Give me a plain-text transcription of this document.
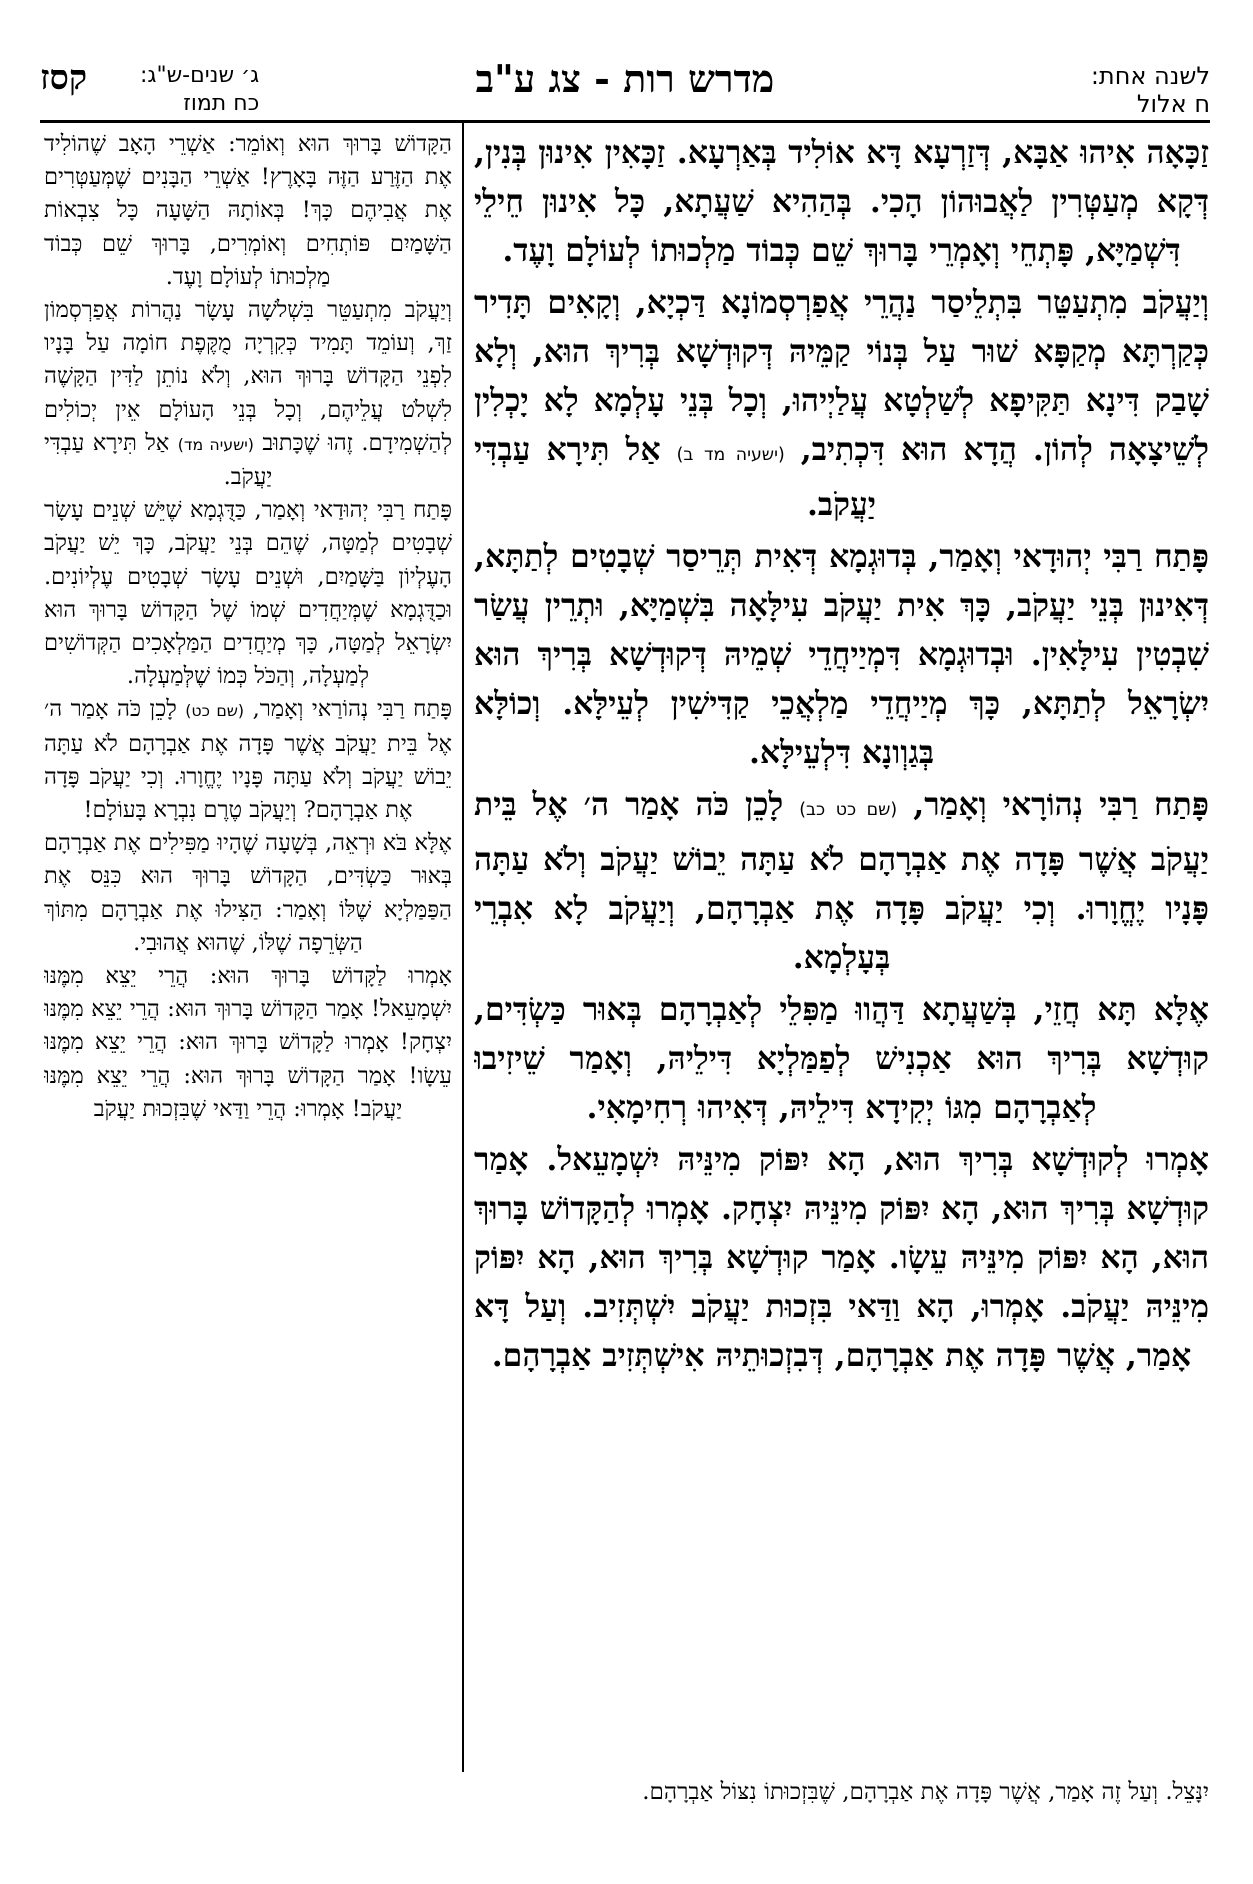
לשנה אחת:
ח אלול
מדרש רות - צג ע"ב
ג׳ שנים-ש"ג:
כח תמוז
קסז

זַכָּאָה אִיהוּ אַבָּא, דְּזַרְעָא דָּא אוֹלִיד בְּאַרְעָא. זַכָּאִין אִינוּן בְּנִין, דְּקָא מְעַטְּרִין לַאֲבוּהוֹן הָכִי. בְּהַהִיא שַׁעֲתָא, כָּל אִינוּן חֵילֵי דִּשְׁמַיָּא, פָּתְחֵי וְאָמְרֵי בָּרוּךְ שֵׁם כְּבוֹד מַלְכוּתוֹ לְעוֹלָם וָעֶד.

וְיַעֲקֹב מִתְעַטֵּר בִּתְלֵיסַר נַהֲרֵי אֲפַרְסְמוֹנָא דַּכְיָא, וְקָאִים תָּדִיר כְּקַרְתָּא מְקַפָּא שׁוּר עַל בְּנוֹי קַמֵּיהּ דְּקוּדְשָׁא בְּרִיךְ הוּא, וְלָא שָׁבַק דִּינָא תַּקִּיפָא לְשַׁלְטָא עֲלַיְיהוּ, וְכָל בְּנֵי עָלְמָא לָא יָכְלִין לְשֵׁיצָאָה לְהוֹן. הֲדָא הוּא דִּכְתִיב, (ישעיה מד ב) אַל תִּירָא עַבְדִּי יַעֲקֹב.

פָּתַח רַבִּי יְהוּדָאי וְאָמַר, בְּדוּגְמָא דְּאִית תְּרֵיסַר שְׁבָטִים לְתַתָּא, דְּאִינוּן בְּנֵי יַעֲקֹב, כָּךְ אִית יַעֲקֹב עִילָּאָה בִּשְׁמַיָּא, וּתְרֵין עֲשַׂר שִׁבְטִין עִילָּאִין. וּבְדוּגְמָא דִּמְיַיחֲדֵי שְׁמֵיהּ דְּקוּדְשָׁא בְּרִיךְ הוּא יִשְׂרָאֵל לְתַתָּא, כָּךְ מְיַיחֲדֵי מַלְאֲכֵי קַדִּישִׁין לְעֵילָּא. וְכוֹלָּא בְּגַוְונָא דִּלְעֵילָּא.

פָּתַח רַבִּי נְהוֹרָאי וְאָמַר, (שם כט כב) לָכֵן כֹּה אָמַר ה׳ אֶל בֵּית יַעֲקֹב אֲשֶׁר פָּדָה אֶת אַבְרָהָם לֹא עַתָּה יֵבוֹשׁ יַעֲקֹב וְלֹא עַתָּה פָּנָיו יֶחֱוָרוּ. וְכִי יַעֲקֹב פָּדָה אֶת אַבְרָהָם, וְיַעֲקֹב לָא אִבְרֵי בְּעָלְמָא.

אֶלָּא תָּא חֲזֵי, בְּשַׁעֲתָא דַּהֲווּ מַפִּלֵי לְאַבְרָהָם בְּאוּר כַּשְׂדִּים, קוּדְשָׁא בְּרִיךְ הוּא אַכְנִישׁ לְפַמַּלְיָא דִּילֵיהּ, וְאָמַר שֵׁיזִיבוּ לְאַבְרָהָם מִגּוֹ יְקִידָא דִּילֵיהּ, דְּאִיהוּ רְחִימָאִי.

אָמְרוּ לְקוּדְשָׁא בְּרִיךְ הוּא, הָא יִפּוֹק מִינֵּיהּ יִשְׁמָעֵאל. אָמַר קוּדְשָׁא בְּרִיךְ הוּא, הָא יִפּוֹק מִינֵּיהּ יִצְחָק. אָמְרוּ לְהַקָּדוֹשׁ בָּרוּךְ הוּא, הָא יִפּוֹק מִינֵּיהּ עֵשָׂו. אָמַר קוּדְשָׁא בְּרִיךְ הוּא, הָא יִפּוֹק מִינֵּיהּ יַעֲקֹב. אָמְרוּ, הָא וַדַּאי בִּזְכוּת יַעֲקֹב יִשְׁתְּזִיב. וְעַל דָּא אָמַר, אֲשֶׁר פָּדָה אֶת אַבְרָהָם, דְּבִזְכוּתֵיהּ אִישְׁתְּזִיב אַבְרָהָם.

הַקָּדוֹשׁ בָּרוּךְ הוּא וְאוֹמֵר: אַשְׁרֵי הָאָב שֶׁהוֹלִיד אֶת הַזֶּרַע הַזֶּה בָּאָרֶץ! אַשְׁרֵי הַבָּנִים שֶׁמְּעַטְּרִים אֶת אֲבִיהֶם כָּךְ! בְּאוֹתָהּ הַשָּׁעָה כָּל צִבְאוֹת הַשָּׁמַיִם פּוֹתְחִים וְאוֹמְרִים, בָּרוּךְ שֵׁם כְּבוֹד מַלְכוּתוֹ לְעוֹלָם וָעֶד.

וְיַעֲקֹב מִתְעַטֵּר בִּשְׁלֹשָׁה עָשָׂר נַהֲרוֹת אֲפַרְסְמוֹן זַךְ, וְעוֹמֵד תָּמִיד כְּקִרְיָה מֻקֶּפֶת חוֹמָה עַל בָּנָיו לִפְנֵי הַקָּדוֹשׁ בָּרוּךְ הוּא, וְלֹא נוֹתֵן לַדִּין הַקָּשֶׁה לִשְׁלֹט עֲלֵיהֶם, וְכָל בְּנֵי הָעוֹלָם אֵין יְכוֹלִים לְהַשְׁמִידָם. זֶהוּ שֶׁכָּתוּב (ישעיה מד) אַל תִּירָא עַבְדִּי יַעֲקֹב.

פָּתַח רַבִּי יְהוּדַאי וְאָמַר, כַּדֻּגְמָא שֶׁיֵּשׁ שְׁנֵים עָשָׂר שְׁבָטִים לְמַטָּה, שֶׁהֵם בְּנֵי יַעֲקֹב, כָּךְ יֵשׁ יַעֲקֹב הָעֶלְיוֹן בַּשָּׁמַיִם, וּשְׁנֵים עָשָׂר שְׁבָטִים עֶלְיוֹנִים. וּכַדֻּגְמָא שֶׁמְּיַחֲדִים שְׁמוֹ שֶׁל הַקָּדוֹשׁ בָּרוּךְ הוּא יִשְׂרָאֵל לְמַטָּה, כָּךְ מְיַחֲדִים הַמַּלְאָכִים הַקְּדוֹשִׁים לְמַעְלָה, וְהַכֹּל כְּמוֹ שֶׁלְּמַעְלָה.

פָּתַח רַבִּי נְהוֹרַאי וְאָמַר, (שם כט) לָכֵן כֹּה אָמַר ה׳ אֶל בֵּית יַעֲקֹב אֲשֶׁר פָּדָה אֶת אַבְרָהָם לֹא עַתָּה יֵבוֹשׁ יַעֲקֹב וְלֹא עַתָּה פָּנָיו יֶחֱוָרוּ. וְכִי יַעֲקֹב פָּדָה אֶת אַבְרָהָם? וְיַעֲקֹב טֶרֶם נִבְרָא בָּעוֹלָם!

אֶלָּא בֹּא וּרְאֵה, בְּשָׁעָה שֶׁהָיוּ מַפִּילִים אֶת אַבְרָהָם בְּאוּר כַּשְׂדִּים, הַקָּדוֹשׁ בָּרוּךְ הוּא כִּנֵּס אֶת הַפַּמַּלְיָא שֶׁלּוֹ וְאָמַר: הַצִּילוּ אֶת אַבְרָהָם מִתּוֹךְ הַשְּׂרֵפָה שֶׁלּוֹ, שֶׁהוּא אֲהוּבִי.

אָמְרוּ לַקָּדוֹשׁ בָּרוּךְ הוּא: הֲרֵי יֵצֵא מִמֶּנּוּ יִשְׁמָעֵאל! אָמַר הַקָּדוֹשׁ בָּרוּךְ הוּא: הֲרֵי יֵצֵא מִמֶּנּוּ יִצְחָק! אָמְרוּ לַקָּדוֹשׁ בָּרוּךְ הוּא: הֲרֵי יֵצֵא מִמֶּנּוּ עֵשָׂו! אָמַר הַקָּדוֹשׁ בָּרוּךְ הוּא: הֲרֵי יֵצֵא מִמֶּנּוּ יַעֲקֹב! אָמְרוּ: הֲרֵי וַדַּאי שֶׁבִּזְכוּת יַעֲקֹב

יִנָּצֵל. וְעַל זֶה אָמַר, אֲשֶׁר פָּדָה אֶת אַבְרָהָם, שֶׁבִּזְכוּתוֹ נִצּוֹל אַבְרָהָם.
